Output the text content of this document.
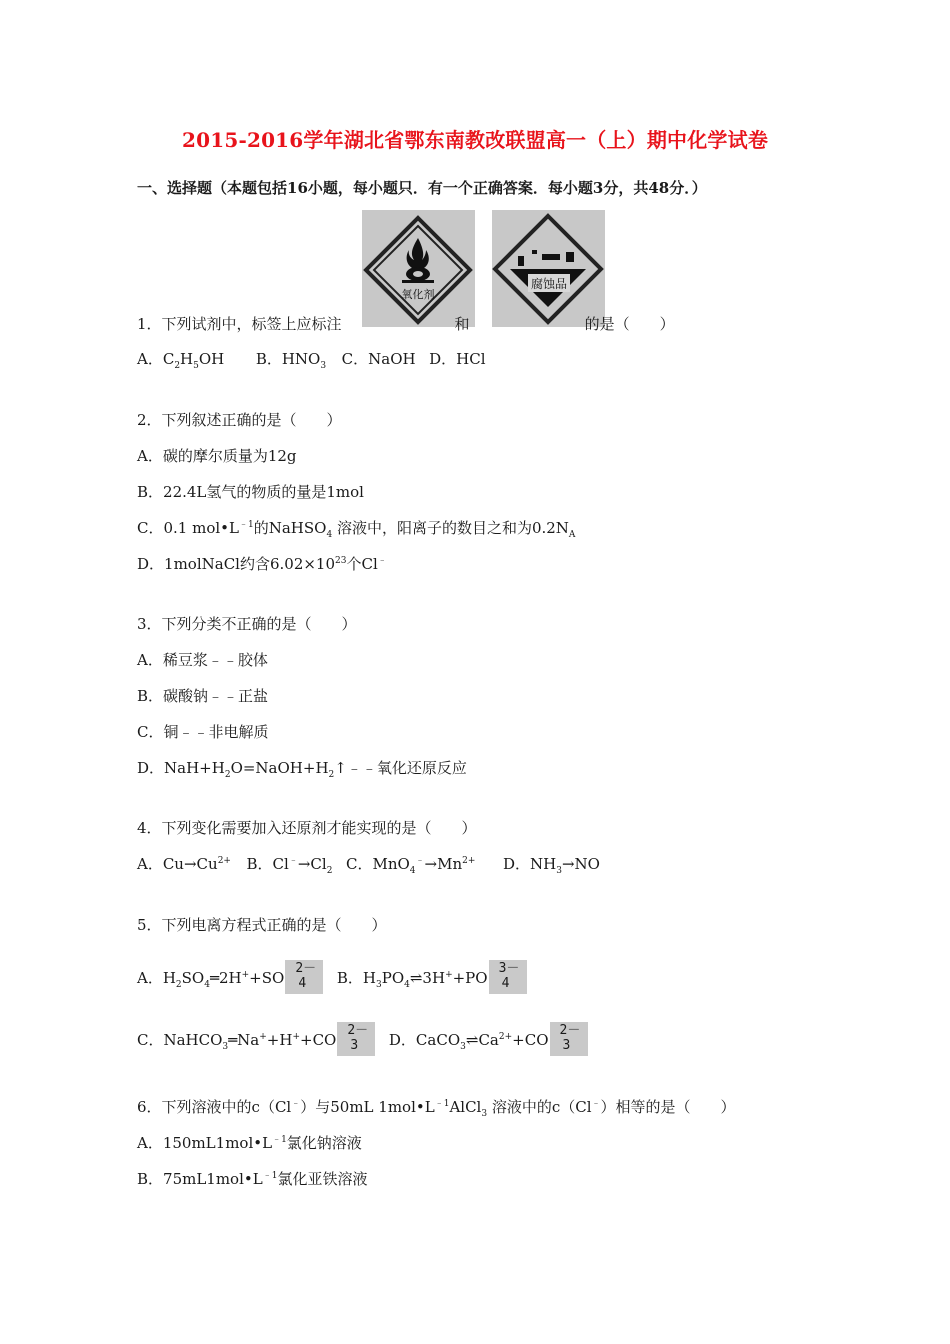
2015-2016学年湖北省鄂东南教改联盟高一（上）期中化学试卷
一、选择题（本题包括16小题，每小题只．有一个正确答案．每小题3分，共48分．）
氧化剂
腐蚀品
1．下列试剂中，标签上应标注	和	的是（　　）
A．$C_2H_5OH$ B．$HNO_3$ C．NaOH D．HCl
2．下列叙述正确的是（　　）
A．碳的摩尔质量为12g
B．22.4L氢气的物质的量是1mol
C．0.1 $mol•L^{﹣1}$的NaHSO$_4$ 溶液中，阳离子的数目之和为$0.2N_A$
D．1molNaCl约含$6.02\times 10^{23}$个Cl﹣
3．下列分类不正确的是（　　）
A．稀豆浆﹣﹣胶体
B．碳酸钠﹣﹣正盐
C．铜﹣﹣非电解质
D．$NaH+H_2O=NaOH+H_2↑﹣﹣$氧化还原反应
4．下列变化需要加入还原剂才能实现的是（　　）
A．$Cu\to Cu^{2+}$ B．$Cl^﹣\to Cl_2$ C．$MnO_4^﹣\to Mn^{2+}$ D．$NH_3\to NO$
5．下列电离方程式正确的是（　　）
A．$H_2SO_4═2H^++SO$
2－
4 B．$H_3PO_4\rightleftharpoons 3H^++PO$
3－
4
C．NaHCO$_3$═Na++H++CO
2－
3 D．$CaCO_3\rightleftharpoons Ca^{2+}+CO$
2－
3
6．下列溶液中的c（Cl﹣）与50mL $1mol•L^{﹣1}AlCl_3$ 溶液中的c（Cl﹣）相等的是（　　）
A．$150mL1mol•L^{﹣1}$氯化钠溶液
B．$75mL1mol•L^{﹣1}$氯化亚铁溶液
